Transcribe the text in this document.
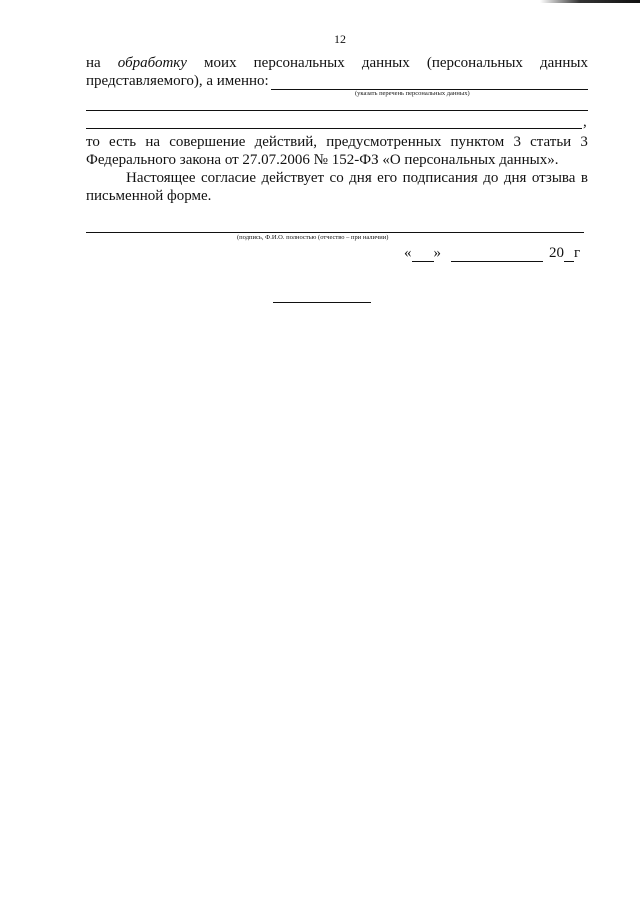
12
на обработку моих персональных данных (персональных данных
представляемого), а именно:
(указать перечень персональных данных)
,
то есть на совершение действий, предусмотренных пунктом 3 статьи 3
Федерального закона от 27.07.2006 № 152-ФЗ «О персональных данных».
Настоящее согласие действует со дня его подписания до дня отзыва в
письменной форме.
(подпись, Ф.И.О. полностью (отчество – при наличии)
« »	20 г
